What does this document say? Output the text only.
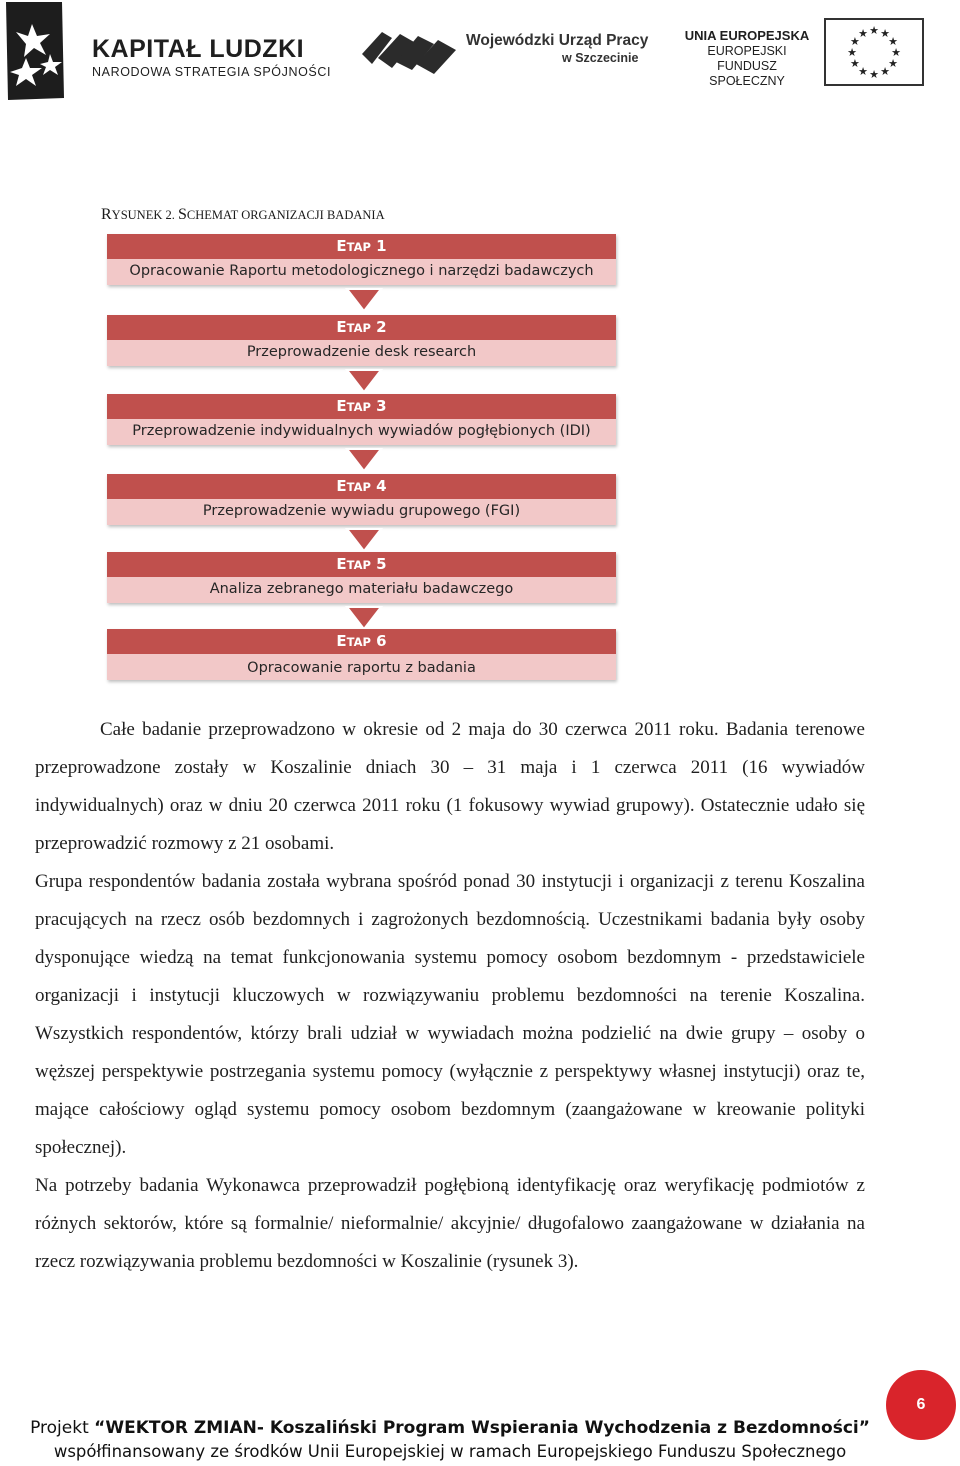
KAPITAŁ LUDZKI
NARODOWA STRATEGIA SPÓJNOŚCI
Wojewódzki Urząd Pracy
w Szczecinie
UNIA EUROPEJSKA
EUROPEJSKI
FUNDUSZ SPOŁECZNY
★ ★
★
★
★
★
★
★
★
★
★
★
RYSUNEK 2. SCHEMAT ORGANIZACJI BADANIA
ETAP 1
Opracowanie Raportu metodologicznego i narzędzi badawczych
ETAP 2
Przeprowadzenie desk research
ETAP 3
Przeprowadzenie indywidualnych wywiadów pogłębionych (IDI)
ETAP 4
Przeprowadzenie wywiadu grupowego (FGI)
ETAP 5
Analiza zebranego materiału badawczego
ETAP 6
Opracowanie raportu z badania

Całe badanie przeprowadzono w okresie od 2 maja do 30 czerwca 2011 roku. Badania terenowe przeprowadzone zostały w Koszalinie dniach 30 – 31 maja i 1 czerwca 2011 (16 wywiadów indywidualnych) oraz w dniu 20 czerwca 2011 roku (1 fokusowy wywiad grupowy). Ostatecznie udało się przeprowadzić rozmowy z 21 osobami.

Grupa respondentów badania została wybrana spośród ponad 30 instytucji i organizacji z terenu Koszalina pracujących na rzecz osób bezdomnych i zagrożonych bezdomnością. Uczestnikami badania były osoby dysponujące wiedzą na temat funkcjonowania systemu pomocy osobom bezdomnym - przedstawiciele organizacji i instytucji kluczowych w rozwiązywaniu problemu bezdomności na terenie Koszalina. Wszystkich respondentów, którzy brali udział w wywiadach można podzielić na dwie grupy – osoby o węższej perspektywie postrzegania systemu pomocy (wyłącznie z perspektywy własnej instytucji) oraz te, mające całościowy ogląd systemu pomocy osobom bezdomnym (zaangażowane w kreowanie polityki społecznej).

Na potrzeby badania Wykonawca przeprowadził pogłębioną identyfikację oraz weryfikację podmiotów z różnych sektorów, które są formalnie/ nieformalnie/ akcyjnie/ długofalowo zaangażowane w działania na rzecz rozwiązywania problemu bezdomności w Koszalinie (rysunek 3).

6
Projekt “WEKTOR ZMIAN- Koszaliński Program Wspierania Wychodzenia z Bezdomności”
współfinansowany ze środków Unii Europejskiej w ramach Europejskiego Funduszu Społecznego
